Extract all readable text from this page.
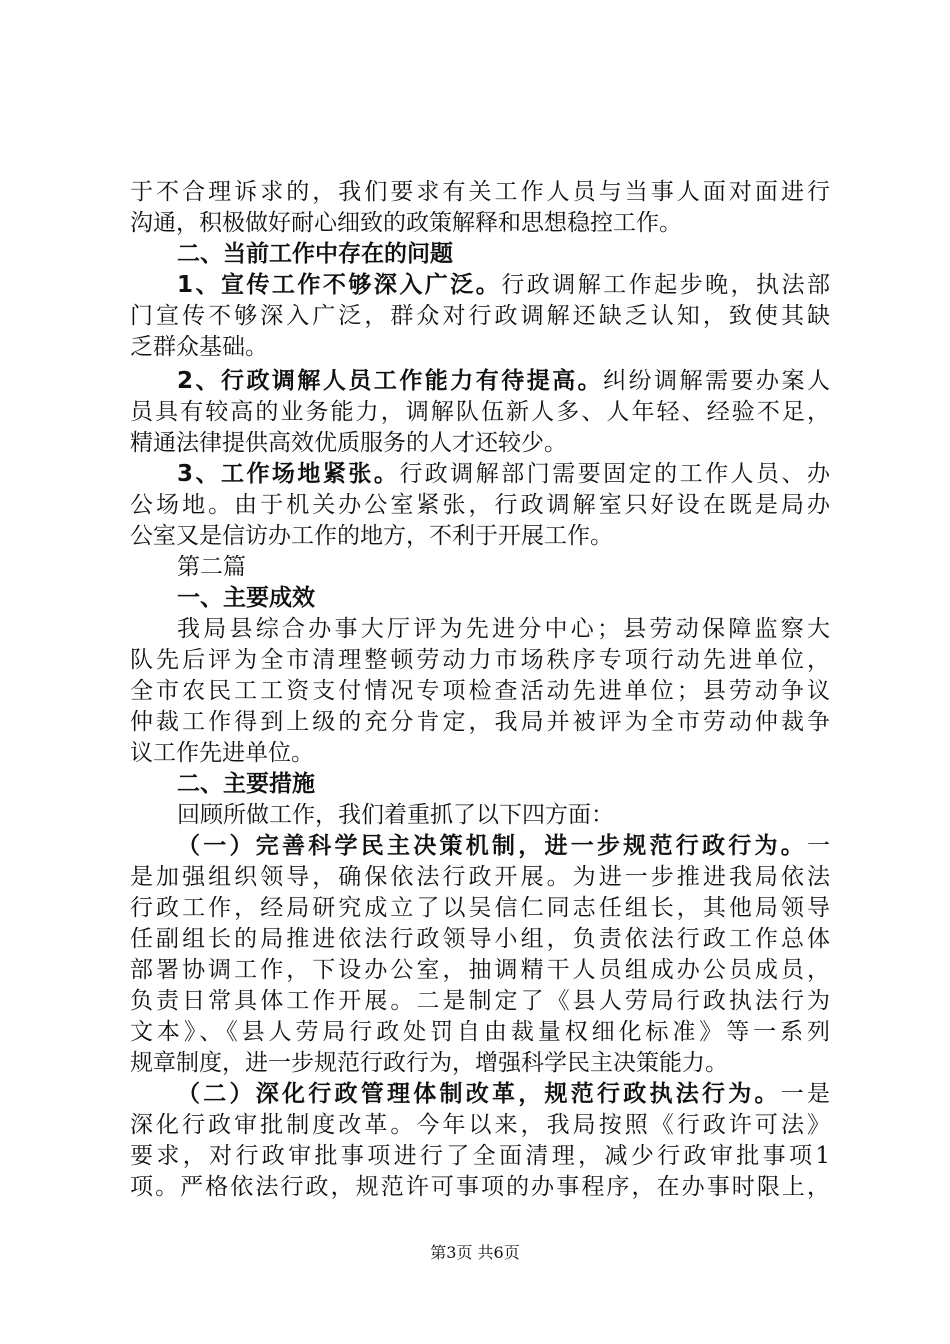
于不合理诉求的，我们要求有关工作人员与当事人面对面进行
沟通，积极做好耐心细致的政策解释和思想稳控工作。
二、当前工作中存在的问题
1、宣传工作不够深入广泛。行政调解工作起步晚，执法部
门宣传不够深入广泛，群众对行政调解还缺乏认知，致使其缺
乏群众基础。
2、行政调解人员工作能力有待提高。纠纷调解需要办案人
员具有较高的业务能力，调解队伍新人多、人年轻、经验不足，
精通法律提供高效优质服务的人才还较少。
3、工作场地紧张。行政调解部门需要固定的工作人员、办
公场地。由于机关办公室紧张，行政调解室只好设在既是局办
公室又是信访办工作的地方，不利于开展工作。
第二篇
一、主要成效
我局县综合办事大厅评为先进分中心；县劳动保障监察大
队先后评为全市清理整顿劳动力市场秩序专项行动先进单位，
全市农民工工资支付情况专项检查活动先进单位；县劳动争议
仲裁工作得到上级的充分肯定，我局并被评为全市劳动仲裁争
议工作先进单位。
二、主要措施
回顾所做工作，我们着重抓了以下四方面：
（一）完善科学民主决策机制，进一步规范行政行为。一
是加强组织领导，确保依法行政开展。为进一步推进我局依法
行政工作，经局研究成立了以吴信仁同志任组长，其他局领导
任副组长的局推进依法行政领导小组，负责依法行政工作总体
部署协调工作，下设办公室，抽调精干人员组成办公员成员，
负责日常具体工作开展。二是制定了《县人劳局行政执法行为
文本》、《县人劳局行政处罚自由裁量权细化标准》等一系列
规章制度，进一步规范行政行为，增强科学民主决策能力。
（二）深化行政管理体制改革，规范行政执法行为。一是
深化行政审批制度改革。今年以来，我局按照《行政许可法》
要求，对行政审批事项进行了全面清理，减少行政审批事项1
项。严格依法行政，规范许可事项的办事程序，在办事时限上，
第3页 共6页
